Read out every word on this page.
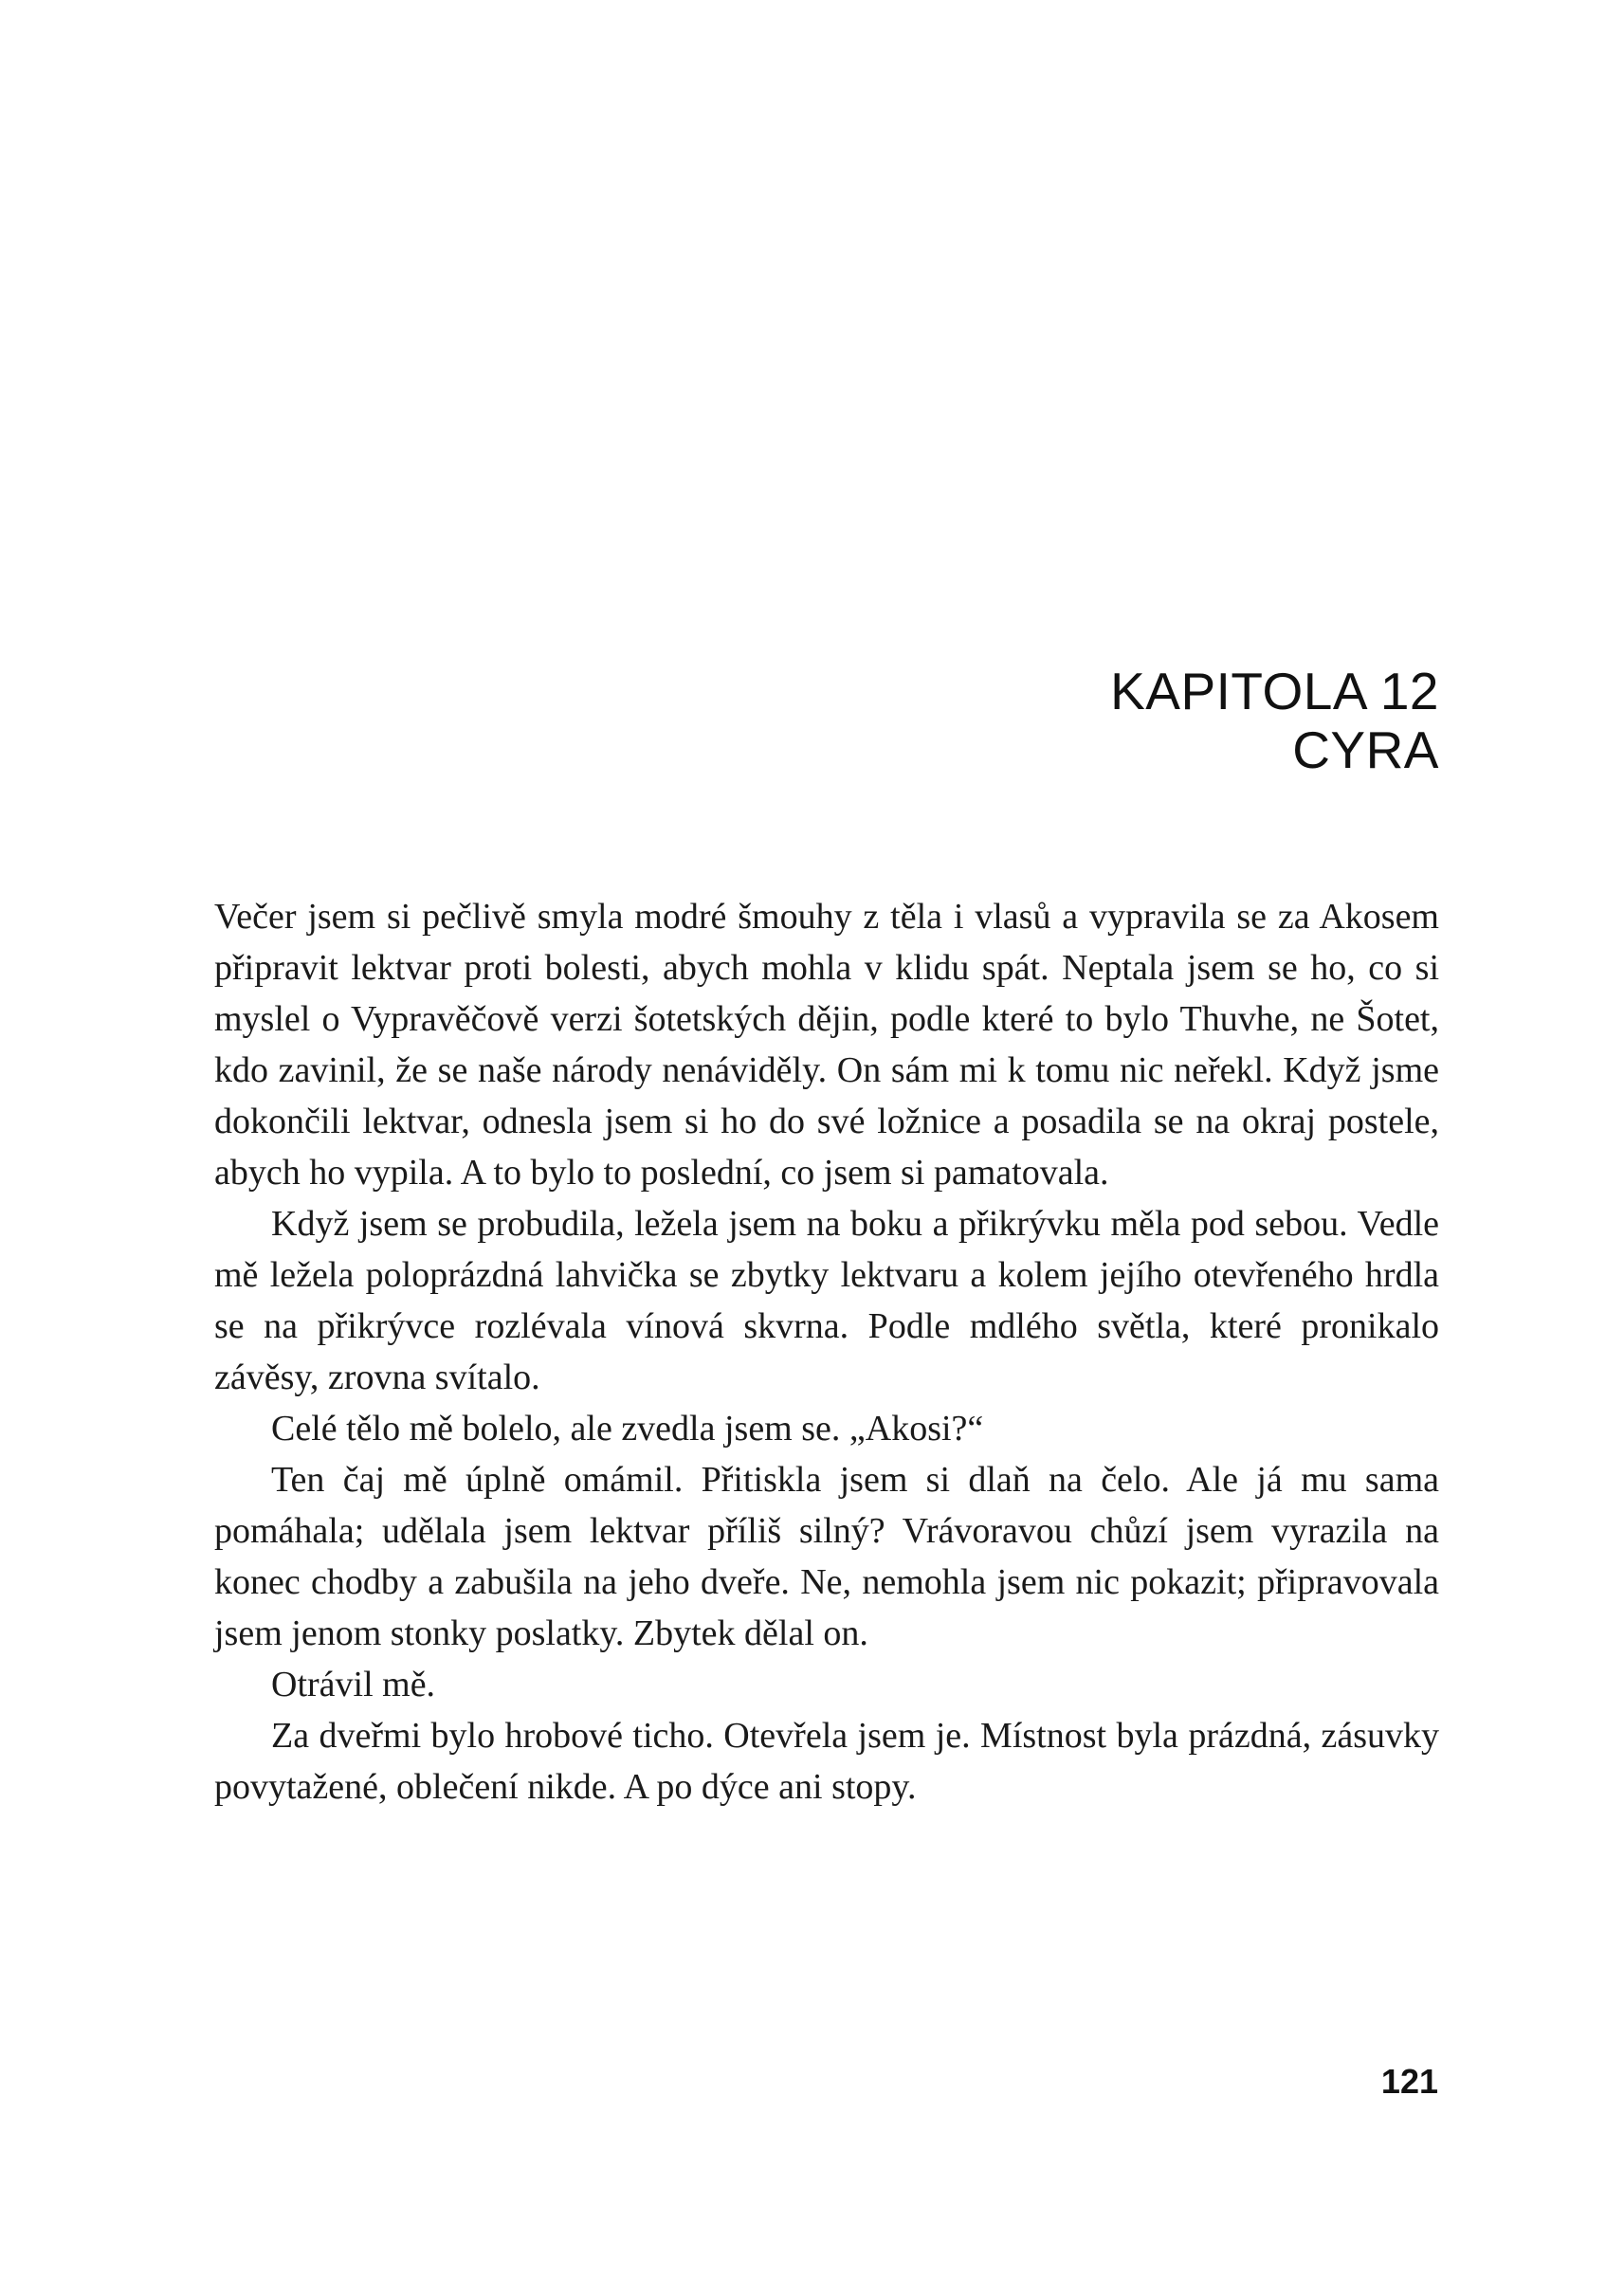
KAPITOLA 12
CYRA

Večer jsem si pečlivě smyla modré šmouhy z těla i vlasů a vypravila se za Akosem připravit lektvar proti bolesti, abych mohla v klidu spát. Neptala jsem se ho, co si myslel o Vypravěčově verzi šotetských dějin, podle které to bylo Thuvhe, ne Šotet, kdo zavinil, že se naše národy nenáviděly. On sám mi k tomu nic neřekl. Když jsme dokončili lektvar, odnesla jsem si ho do své ložnice a posadila se na okraj postele, abych ho vypila. A to bylo to poslední, co jsem si pamatovala.

Když jsem se probudila, ležela jsem na boku a přikrývku měla pod sebou. Vedle mě ležela poloprázdná lahvička se zbytky lektvaru a kolem jejího otevřeného hrdla se na přikrývce rozlévala vínová skvrna. Podle mdlého světla, které pronikalo závěsy, zrovna svítalo.

Celé tělo mě bolelo, ale zvedla jsem se. „Akosi?“

Ten čaj mě úplně omámil. Přitiskla jsem si dlaň na čelo. Ale já mu sama pomáhala; udělala jsem lektvar příliš silný? Vrávoravou chůzí jsem vyrazila na konec chodby a zabušila na jeho dveře. Ne, nemohla jsem nic pokazit; připravovala jsem jenom stonky poslatky. Zbytek dělal on.

Otrávil mě.

Za dveřmi bylo hrobové ticho. Otevřela jsem je. Místnost byla prázdná, zásuvky povytažené, oblečení nikde. A po dýce ani stopy.

121
